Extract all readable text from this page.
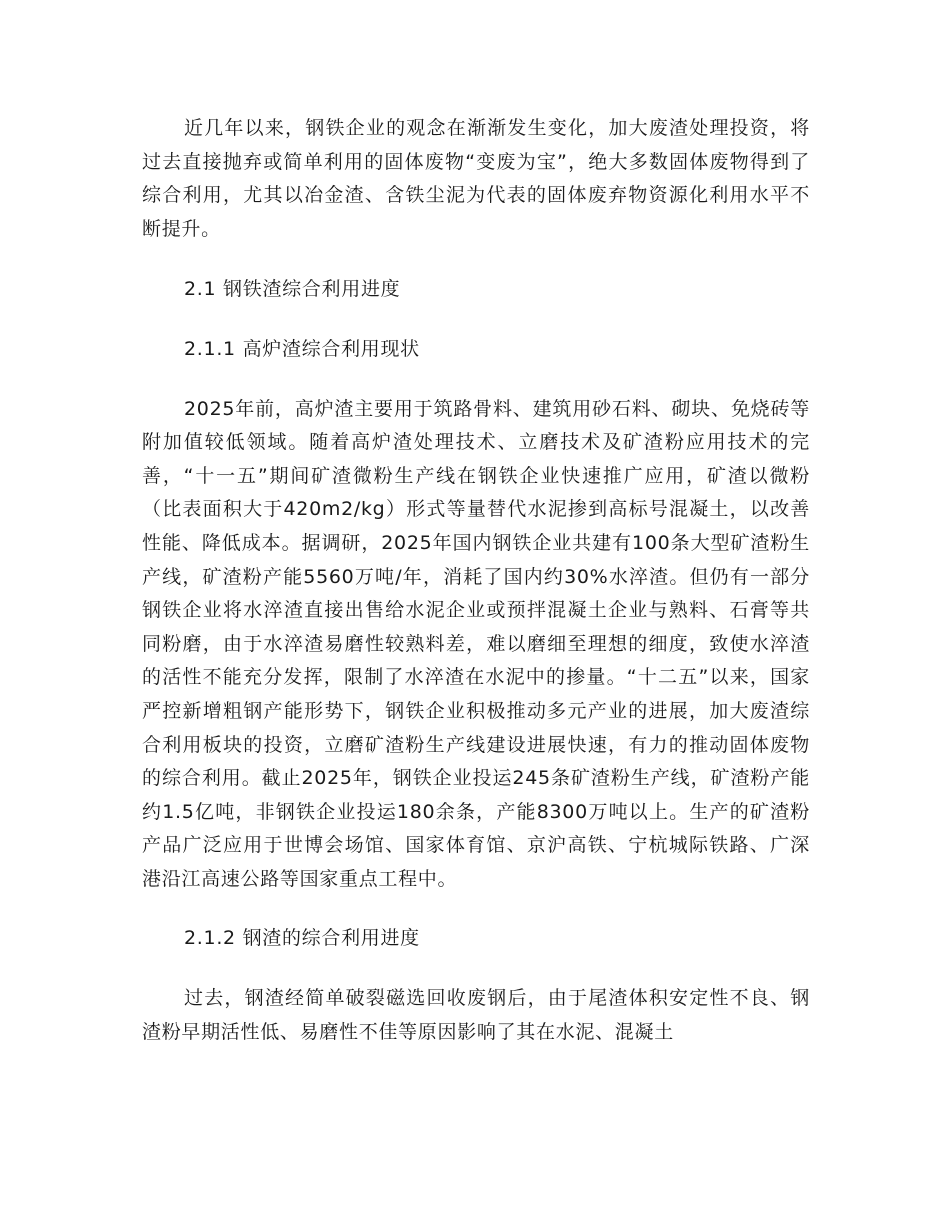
近几年以来，钢铁企业的观念在渐渐发生变化，加大废渣处理投资，将过去直接抛弃或简单利用的固体废物“变废为宝”，绝大多数固体废物得到了综合利用，尤其以冶金渣、含铁尘泥为代表的固体废弃物资源化利用水平不断提升。

2.1 钢铁渣综合利用进度

2.1.1 高炉渣综合利用现状

2025年前，高炉渣主要用于筑路骨料、建筑用砂石料、砌块、免烧砖等附加值较低领域。随着高炉渣处理技术、立磨技术及矿渣粉应用技术的完善，“十一五”期间矿渣微粉生产线在钢铁企业快速推广应用，矿渣以微粉（比表面积大于420m2/kg）形式等量替代水泥掺到高标号混凝土，以改善性能、降低成本。据调研，2025年国内钢铁企业共建有100条大型矿渣粉生产线，矿渣粉产能5560万吨/年，消耗了国内约30%水淬渣。但仍有一部分钢铁企业将水淬渣直接出售给水泥企业或预拌混凝土企业与熟料、石膏等共同粉磨，由于水淬渣易磨性较熟料差，难以磨细至理想的细度，致使水淬渣的活性不能充分发挥，限制了水淬渣在水泥中的掺量。“十二五”以来，国家严控新增粗钢产能形势下，钢铁企业积极推动多元产业的进展，加大废渣综合利用板块的投资，立磨矿渣粉生产线建设进展快速，有力的推动固体废物的综合利用。截止2025年，钢铁企业投运245条矿渣粉生产线，矿渣粉产能约1.5亿吨，非钢铁企业投运180余条，产能8300万吨以上。生产的矿渣粉产品广泛应用于世博会场馆、国家体育馆、京沪高铁、宁杭城际铁路、广深港沿江高速公路等国家重点工程中。

2.1.2 钢渣的综合利用进度

过去，钢渣经简单破裂磁选回收废钢后，由于尾渣体积安定性不良、钢渣粉早期活性低、易磨性不佳等原因影响了其在水泥、混凝土
